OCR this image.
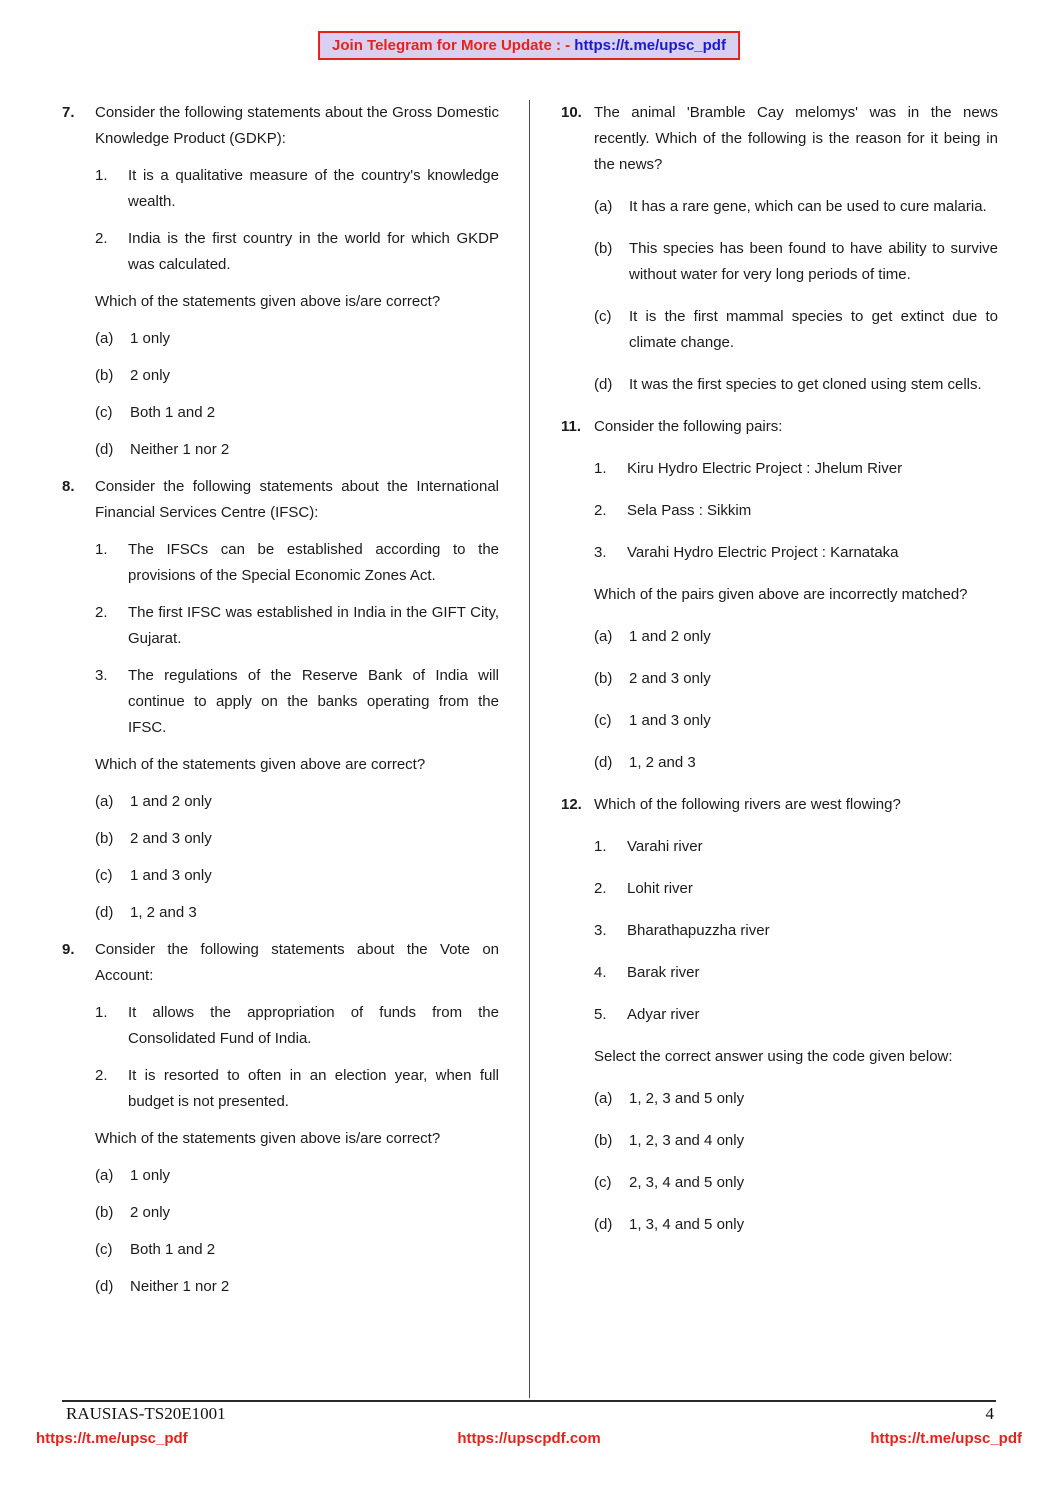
Join Telegram for More Update : - https://t.me/upsc_pdf
7.	Consider the following statements about the Gross Domestic Knowledge Product (GDKP):
1.	It is a qualitative measure of the country's knowledge wealth.
2.	India is the first country in the world for which GKDP was calculated.
Which of the statements given above is/are correct?
(a)	1 only
(b)	2 only
(c)	Both 1 and 2
(d)	Neither 1 nor 2
8.	Consider the following statements about the International Financial Services Centre (IFSC):
1.	The IFSCs can be established according to the provisions of the Special Economic Zones Act.
2.	The first IFSC was established in India in the GIFT City, Gujarat.
3.	The regulations of the Reserve Bank of India will continue to apply on the banks operating from the IFSC.
Which of the statements given above are correct?
(a)	1 and 2 only
(b)	2 and 3 only
(c)	1 and 3 only
(d)	1, 2 and 3
9.	Consider the following statements about the Vote on Account:
1.	It allows the appropriation of funds from the Consolidated Fund of India.
2.	It is resorted to often in an election year, when full budget is not presented.
Which of the statements given above is/are correct?
(a)	1 only
(b)	2 only
(c)	Both 1 and 2
(d)	Neither 1 nor 2
10. The animal 'Bramble Cay melomys' was in the news recently. Which of the following is the reason for it being in the news?
(a)	It has a rare gene, which can be used to cure malaria.
(b)	This species has been found to have ability to survive without water for very long periods of time.
(c)	It is the first mammal species to get extinct due to climate change.
(d)	It was the first species to get cloned using stem cells.
11. Consider the following pairs:
1.	Kiru Hydro Electric Project : Jhelum River
2.	Sela Pass : Sikkim
3.	Varahi Hydro Electric Project : Karnataka
Which of the pairs given above are incorrectly matched?
(a)	1 and 2 only
(b)	2 and 3 only
(c)	1 and 3 only
(d)	1, 2 and 3
12. Which of the following rivers are west flowing?
1.	Varahi river
2.	Lohit river
3.	Bharathapuzzha river
4.	Barak river
5.	Adyar river
Select the correct answer using the code given below:
(a)	1, 2, 3 and 5 only
(b)	1, 2, 3 and 4 only
(c)	2, 3, 4 and 5 only
(d)	1, 3, 4 and 5 only
RAUSIAS-TS20E1001	4
https://t.me/upsc_pdf	https://upscpdf.com	https://t.me/upsc_pdf
